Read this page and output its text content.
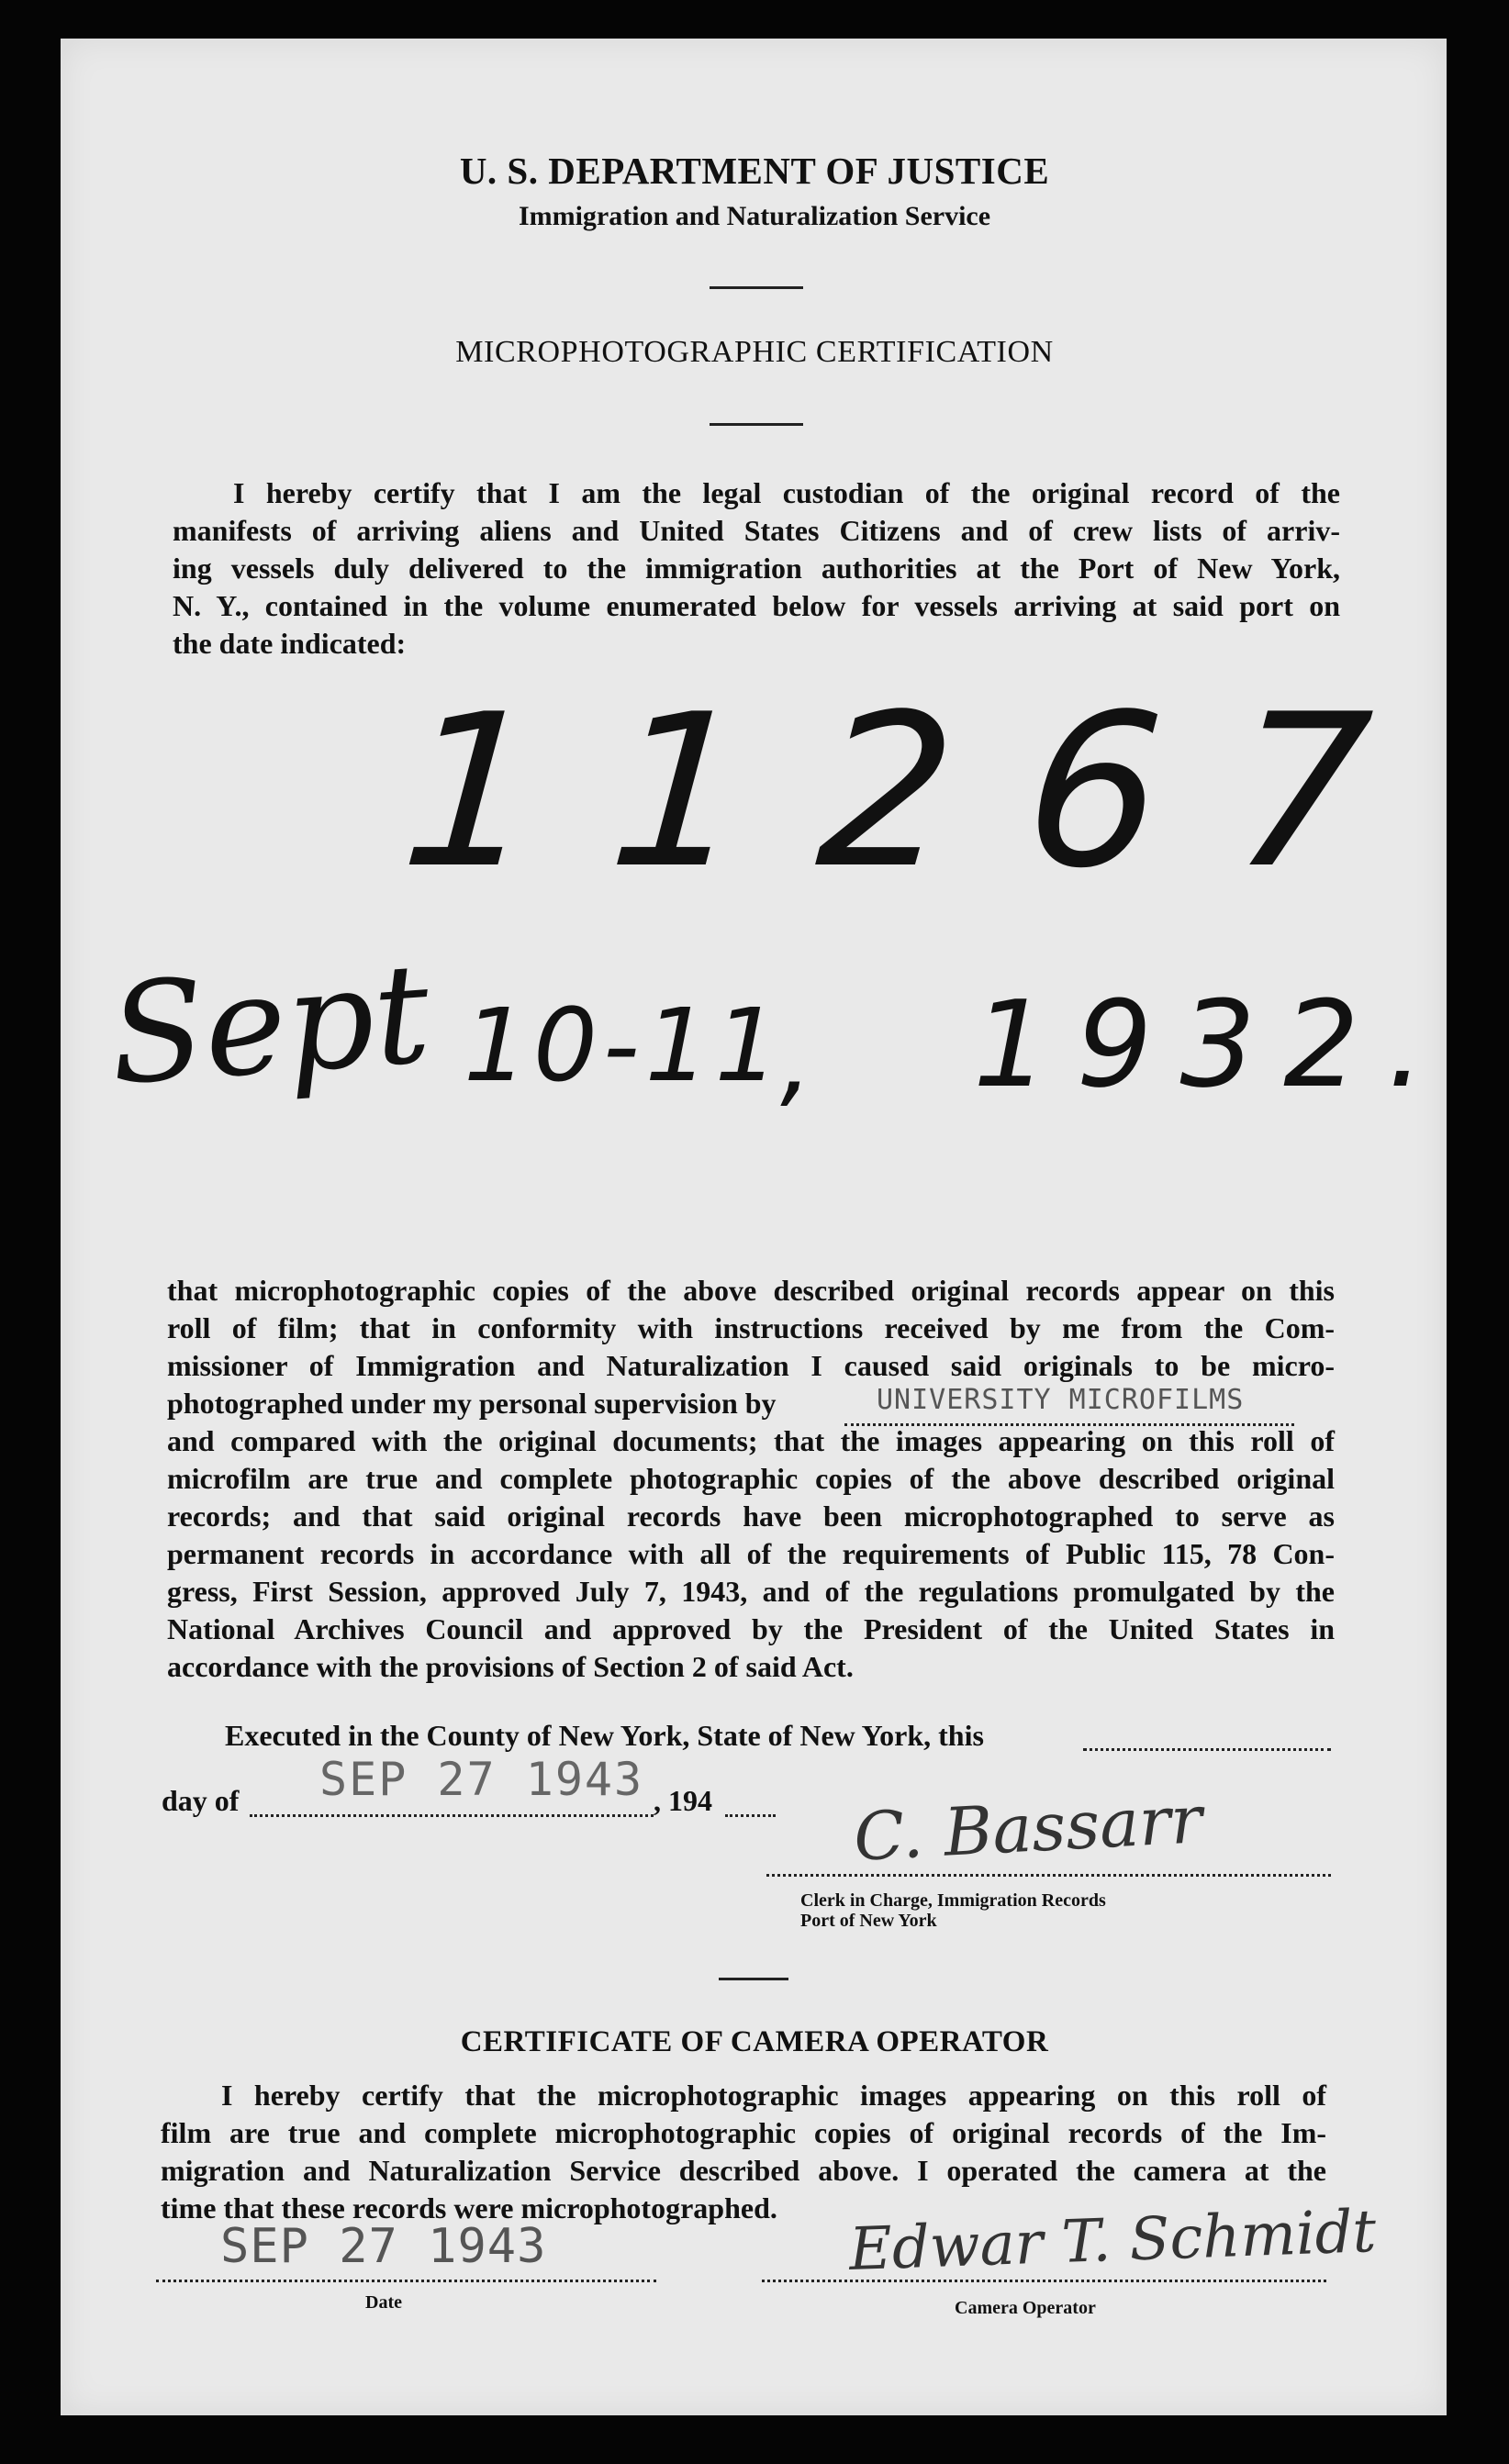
U. S. DEPARTMENT OF JUSTICE
Immigration and Naturalization Service
MICROPHOTOGRAPHIC CERTIFICATION
I hereby certify that I am the legal custodian of the original record of the
manifests of arriving aliens and United States Citizens and of crew lists of arriv-
ing vessels duly delivered to the immigration authorities at the Port of New York,
N. Y., contained in the volume enumerated below for vessels arriving at said port on
the date indicated:
11267
Sept 10-11
, 1932.
that microphotographic copies of the above described original records appear on this
roll of film; that in conformity with instructions received by me from the Com-
missioner of Immigration and Naturalization I caused said originals to be micro-
photographed under my personal supervision by
and compared with the original documents; that the images appearing on this roll of
microfilm are true and complete photographic copies of the above described original
records; and that said original records have been microphotographed to serve as
permanent records in accordance with all of the requirements of Public 115, 78 Con-
gress, First Session, approved July 7, 1943, and of the regulations promulgated by the
National Archives Council and approved by the President of the United States in
accordance with the provisions of Section 2 of said Act.
UNIVERSITY MICROFILMS
Executed in the County of New York, State of New York, this
day of SEP 27 1943 , 194 C. Bassarr
Clerk in Charge, Immigration Records
Port of New York
CERTIFICATE OF CAMERA OPERATOR
I hereby certify that the microphotographic images appearing on this roll of
film are true and complete microphotographic copies of original records of the Im-
migration and Naturalization Service described above. I operated the camera at the
time that these records were microphotographed.
SEP 27 1943
Date
Edwar T. Schmidt
Camera Operator
